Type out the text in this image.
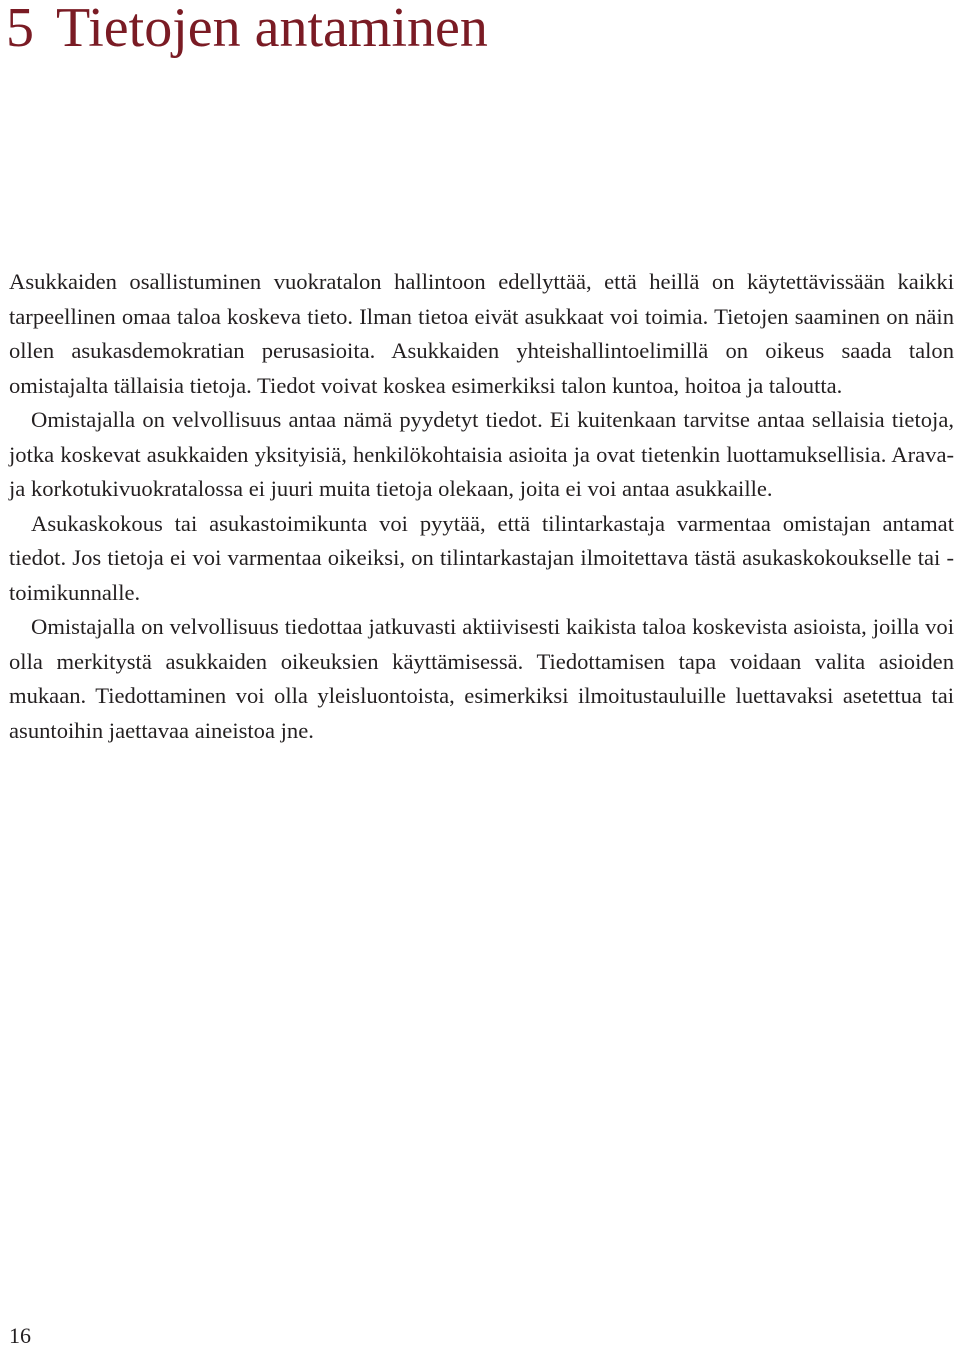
5 Tietojen antaminen

Asukkaiden osallistuminen vuokratalon hallintoon edellyttää, että heillä on käytettävissään kaikki tarpeellinen omaa taloa koskeva tieto. Ilman tietoa eivät asukkaat voi toimia. Tietojen saaminen on näin ollen asukasdemokratian perusasioita. Asukkaiden yhteishallintoelimillä on oikeus saada talon omistajalta tällaisia tietoja. Tiedot voivat koskea esimerkiksi talon kuntoa, hoitoa ja taloutta.

Omistajalla on velvollisuus antaa nämä pyydetyt tiedot. Ei kuitenkaan tarvitse antaa sellaisia tietoja, jotka koskevat asukkaiden yksityisiä, henkilökohtaisia asioita ja ovat tietenkin luottamuksellisia. Arava- ja korkotukivuokratalossa ei juuri muita tietoja olekaan, joita ei voi antaa asukkaille.

Asukaskokous tai asukastoimikunta voi pyytää, että tilintarkastaja varmentaa omistajan antamat tiedot. Jos tietoja ei voi varmentaa oikeiksi, on tilintarkastajan ilmoitettava tästä asukaskokoukselle tai -toimikunnalle.

Omistajalla on velvollisuus tiedottaa jatkuvasti aktiivisesti kaikista taloa koskevista asioista, joilla voi olla merkitystä asukkaiden oikeuksien käyttämisessä. Tiedottamisen tapa voidaan valita asioiden mukaan. Tiedottaminen voi olla yleisluontoista, esimerkiksi ilmoitustauluille luettavaksi asetettua tai asuntoihin jaettavaa aineistoa jne.

16
